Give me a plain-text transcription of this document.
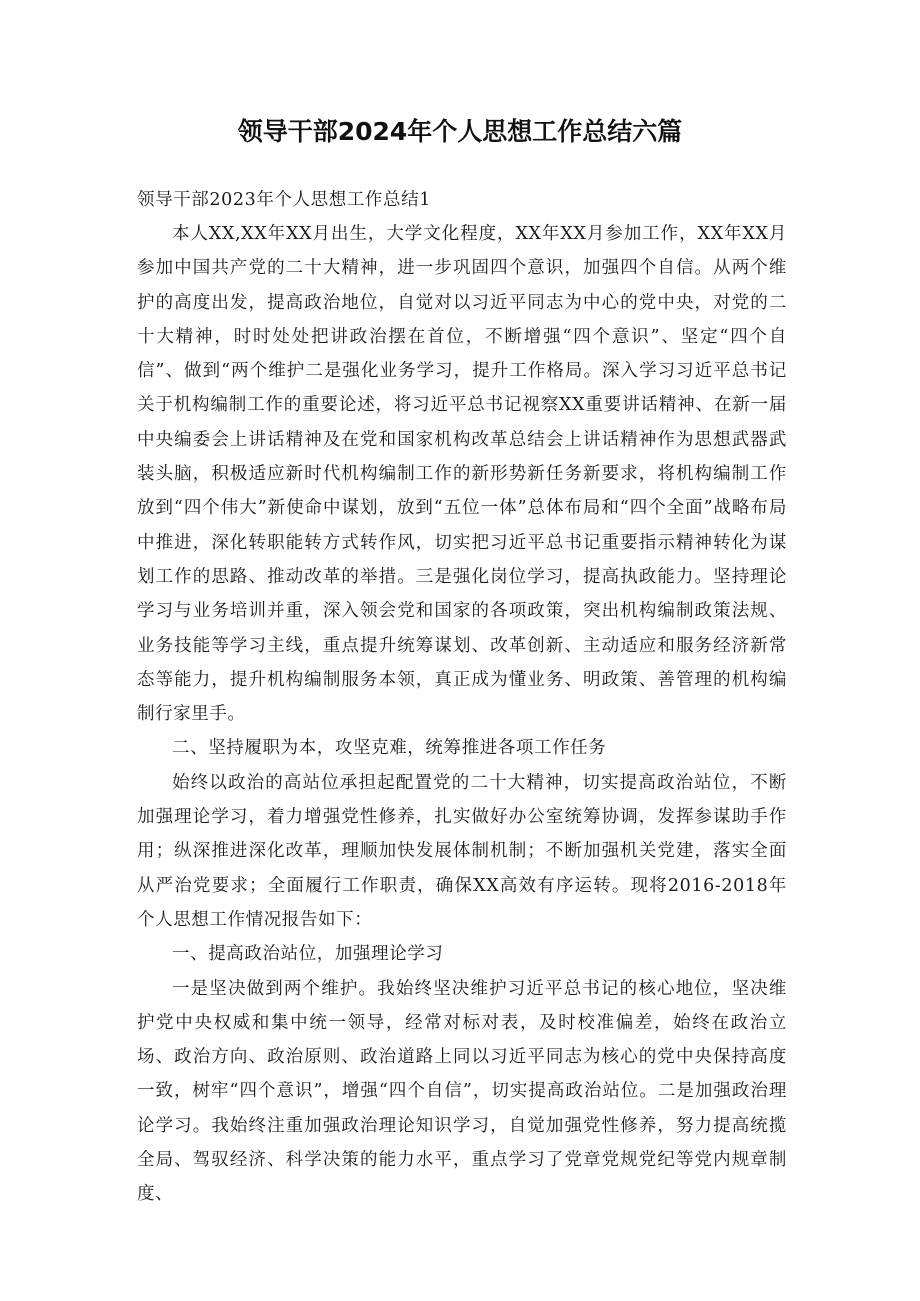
领导干部2024年个人思想工作总结六篇
领导干部2023年个人思想工作总结1

本人XX,XX年XX月出生，大学文化程度，XX年XX月参加工作，XX年XX月参加中国共产党的二十大精神，进一步巩固四个意识，加强四个自信。从两个维护的高度出发，提高政治地位，自觉对以习近平同志为中心的党中央，对党的二十大精神，时时处处把讲政治摆在首位，不断增强“四个意识”、坚定“四个自信”、做到“两个维护二是强化业务学习，提升工作格局。深入学习习近平总书记关于机构编制工作的重要论述，将习近平总书记视察XX重要讲话精神、在新一届中央编委会上讲话精神及在党和国家机构改革总结会上讲话精神作为思想武器武装头脑，积极适应新时代机构编制工作的新形势新任务新要求，将机构编制工作放到“四个伟大”新使命中谋划，放到“五位一体”总体布局和“四个全面”战略布局中推进，深化转职能转方式转作风，切实把习近平总书记重要指示精神转化为谋划工作的思路、推动改革的举措。三是强化岗位学习，提高执政能力。坚持理论学习与业务培训并重，深入领会党和国家的各项政策，突出机构编制政策法规、业务技能等学习主线，重点提升统筹谋划、改革创新、主动适应和服务经济新常态等能力，提升机构编制服务本领，真正成为懂业务、明政策、善管理的机构编制行家里手。

二、坚持履职为本，攻坚克难，统筹推进各项工作任务

始终以政治的高站位承担起配置党的二十大精神，切实提高政治站位，不断加强理论学习，着力增强党性修养，扎实做好办公室统筹协调，发挥参谋助手作用；纵深推进深化改革，理顺加快发展体制机制；不断加强机关党建，落实全面从严治党要求；全面履行工作职责，确保XX高效有序运转。现将2016-2018年个人思想工作情况报告如下：

一、提高政治站位，加强理论学习

一是坚决做到两个维护。我始终坚决维护习近平总书记的核心地位，坚决维护党中央权威和集中统一领导，经常对标对表，及时校准偏差，始终在政治立场、政治方向、政治原则、政治道路上同以习近平同志为核心的党中央保持高度一致，树牢“四个意识”，增强“四个自信”，切实提高政治站位。二是加强政治理论学习。我始终注重加强政治理论知识学习，自觉加强党性修养，努力提高统揽全局、驾驭经济、科学决策的能力水平，重点学习了党章党规党纪等党内规章制度、
